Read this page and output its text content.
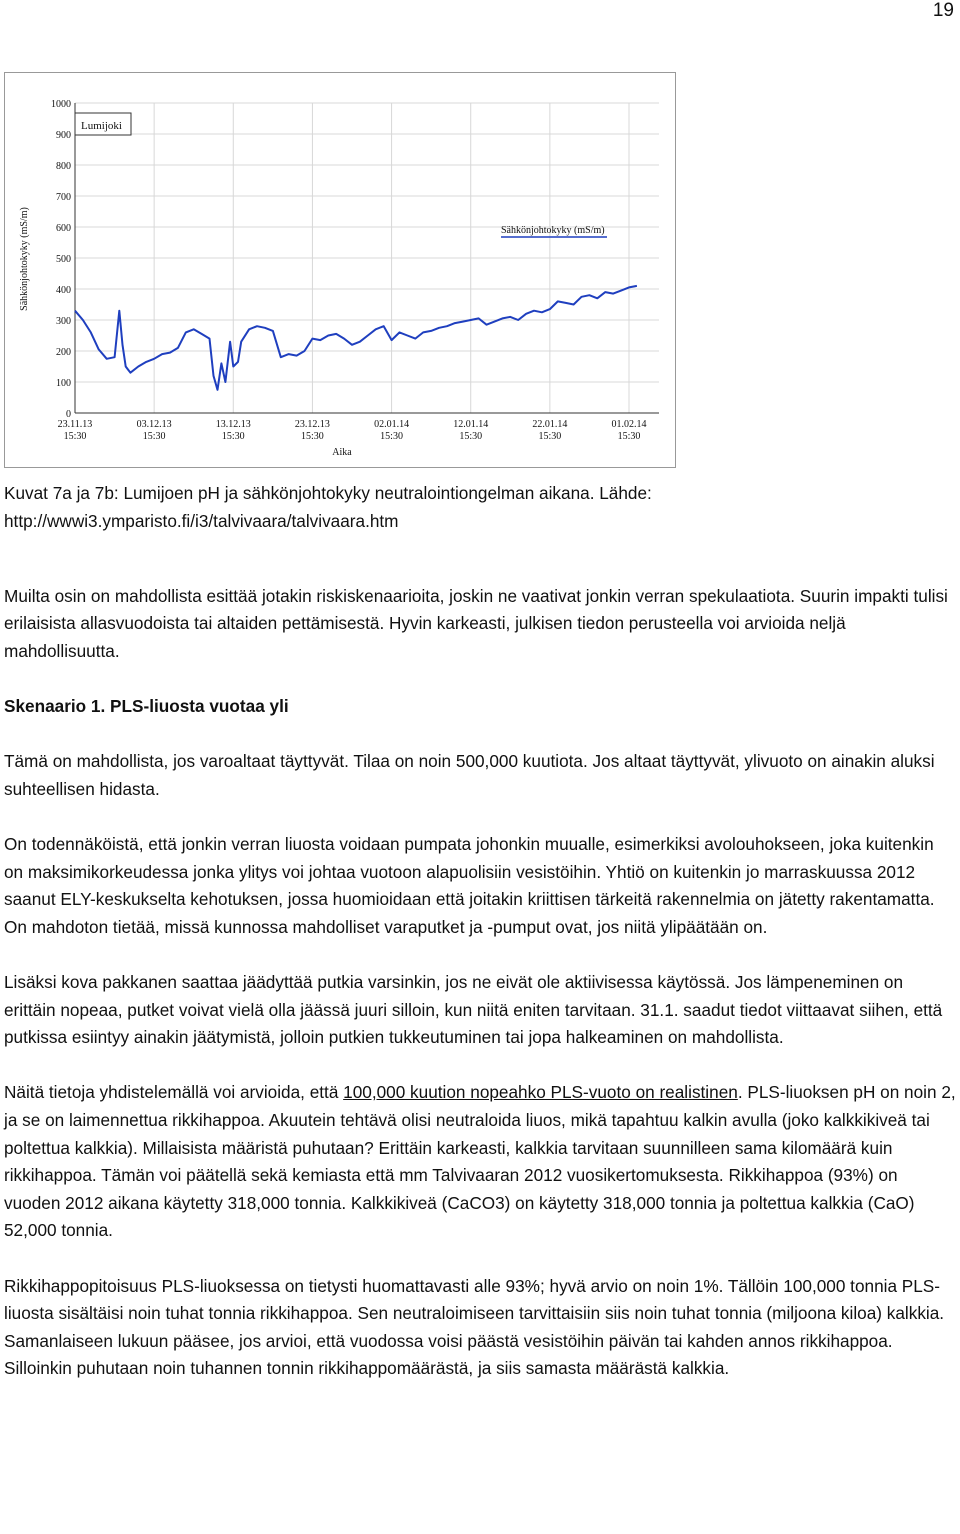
19
0
100
200
300
400
500
600
700
800
900
1000
23.11.13
15:30
03.12.13
15:30
13.12.13
15:30
23.12.13
15:30
02.01.14
15:30
12.01.14
15:30
22.01.14
15:30
01.02.14
15:30
Lumijoki
Sähkönjohtokyky (mS/m)
Sähkönjohtokyky (mS/m)
Aika

Kuvat 7a ja 7b: Lumijoen pH ja sähkönjohtokyky neutralointiongelman aikana. Lähde:

http://wwwi3.ymparisto.fi/i3/talvivaara/talvivaara.htm

Muilta osin on mahdollista esittää jotakin riskiskenaarioita, joskin ne vaativat jonkin verran spekulaatiota. Suurin impakti tulisi erilaisista allasvuodoista tai altaiden pettämisestä. Hyvin karkeasti, julkisen tiedon perusteella voi arvioida neljä mahdollisuutta.

Skenaario 1. PLS-liuosta vuotaa yli

Tämä on mahdollista, jos varoaltaat täyttyvät. Tilaa on noin 500,000 kuutiota. Jos altaat täyttyvät, ylivuoto on ainakin aluksi suhteellisen hidasta.

On todennäköistä, että jonkin verran liuosta voidaan pumpata johonkin muualle, esimerkiksi avolouhokseen, joka kuitenkin on maksimikorkeudessa jonka ylitys voi johtaa vuotoon alapuolisiin vesistöihin. Yhtiö on kuitenkin jo marraskuussa 2012 saanut ELY-keskukselta kehotuksen, jossa huomioidaan että joitakin kriittisen tärkeitä rakennelmia on jätetty rakentamatta. On mahdoton tietää, missä kunnossa mahdolliset varaputket ja -pumput ovat, jos niitä ylipäätään on.

Lisäksi kova pakkanen saattaa jäädyttää putkia varsinkin, jos ne eivät ole aktiivisessa käytössä. Jos lämpeneminen on erittäin nopeaa, putket voivat vielä olla jäässä juuri silloin, kun niitä eniten tarvitaan. 31.1. saadut tiedot viittaavat siihen, että putkissa esiintyy ainakin jäätymistä, jolloin putkien tukkeutuminen tai jopa halkeaminen on mahdollista.

Näitä tietoja yhdistelemällä voi arvioida, että 100,000 kuution nopeahko PLS-vuoto on realistinen. PLS-liuoksen pH on noin 2, ja se on laimennettua rikkihappoa. Akuutein tehtävä olisi neutraloida liuos, mikä tapahtuu kalkin avulla (joko kalkkikiveä tai poltettua kalkkia). Millaisista määristä puhutaan? Erittäin karkeasti, kalkkia tarvitaan suunnilleen sama kilomäärä kuin rikkihappoa. Tämän voi päätellä sekä kemiasta että mm Talvivaaran 2012 vuosikertomuksesta. Rikkihappoa (93%) on vuoden 2012 aikana käytetty 318,000 tonnia. Kalkkikiveä (CaCO3) on käytetty 318,000 tonnia ja poltettua kalkkia (CaO) 52,000 tonnia.

Rikkihappopitoisuus PLS-liuoksessa on tietysti huomattavasti alle 93%; hyvä arvio on noin 1%. Tällöin 100,000 tonnia PLS-liuosta sisältäisi noin tuhat tonnia rikkihappoa. Sen neutraloimiseen tarvittaisiin siis noin tuhat tonnia (miljoona kiloa) kalkkia. Samanlaiseen lukuun pääsee, jos arvioi, että vuodossa voisi päästä vesistöihin päivän tai kahden annos rikkihappoa. Silloinkin puhutaan noin tuhannen tonnin rikkihappomäärästä, ja siis samasta määrästä kalkkia.
